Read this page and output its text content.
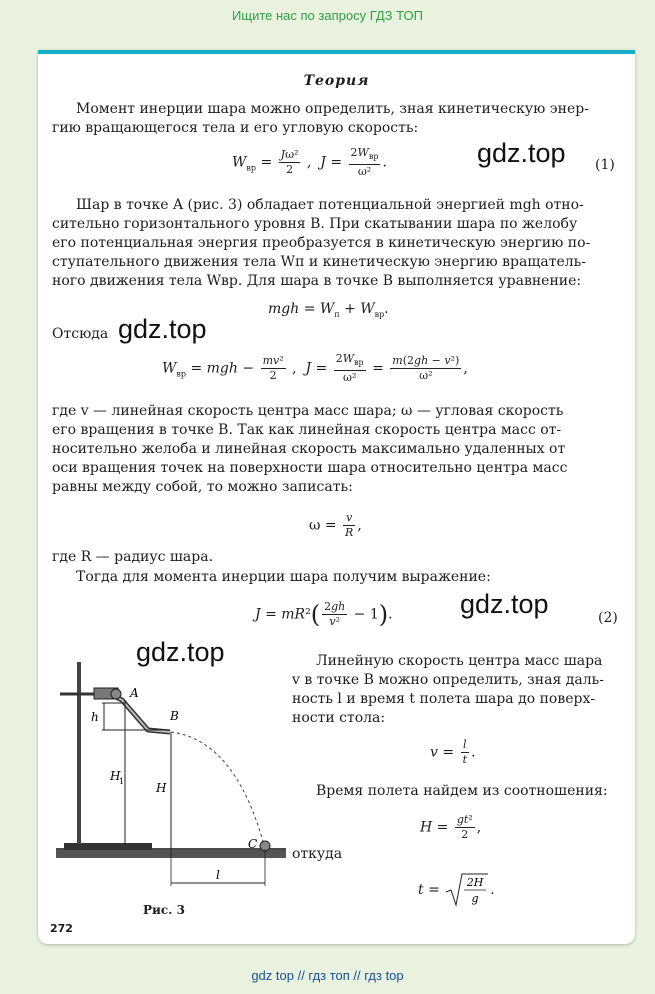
Ищите нас по запросу ГДЗ ТОП
Теория
Момент инерции шара можно определить, зная кинетическую энер-
гию вращающегося тела и его угловую скорость:
$W_{вр} = \frac{\text{Jω²}}{2}$ ,  $J = \frac{2W_{вр}}{\text{ω²}}$ .	(1)
gdz.top
Шар в точке A (рис. 3) обладает потенциальной энергией mgh отно-
сительно горизонтального уровня B. При скатывании шара по желобу
его потенциальная энергия преобразуется в кинетическую энергию по-
ступательного движения тела Wп и кинетическую энергию вращатель-
ного движения тела Wвр. Для шара в точке B выполняется уравнение:
mgh = $W_п + W_{вр}$.
Отсюда gdz.top
$W_{вр}$ = mgh − $\frac{\text{mv²}}{2}$ ,  $J = \frac{2W_{вр}}{\text{ω²}} = \frac{\text{m(2gh − v²)}}{\text{ω²}}$ ,
где v — линейная скорость центра масс шара; ω — угловая скорость
его вращения в точке B. Так как линейная скорость центра масс от-
носительно желоба и линейная скорость максимально удаленных от
оси вращения точек на поверхности шара относительно центра масс
равны между собой, то можно записать:
$\omega = \frac{v}{R}$ ,
где R — радиус шара.
Тогда для момента инерции шара получим выражение:
$J = mR^2( \frac{2gh}{\text{v²}} - 1)$.	(2)
gdz.top
gdz.top	Линейную скорость центра масс шара
v в точке B можно определить, зная даль-
ность l и время t полета шара до поверх-
ности стола:
$v = \frac{l}{t}$ .
Время полета найдем из соотношения:
$H = \frac{\text{gt²}}{2}$ ,
откуда
t = 2H
g
.
A
B
C
h
H
1	H
l
Рис. 3
272
gdz top // гдз топ // гдз top
